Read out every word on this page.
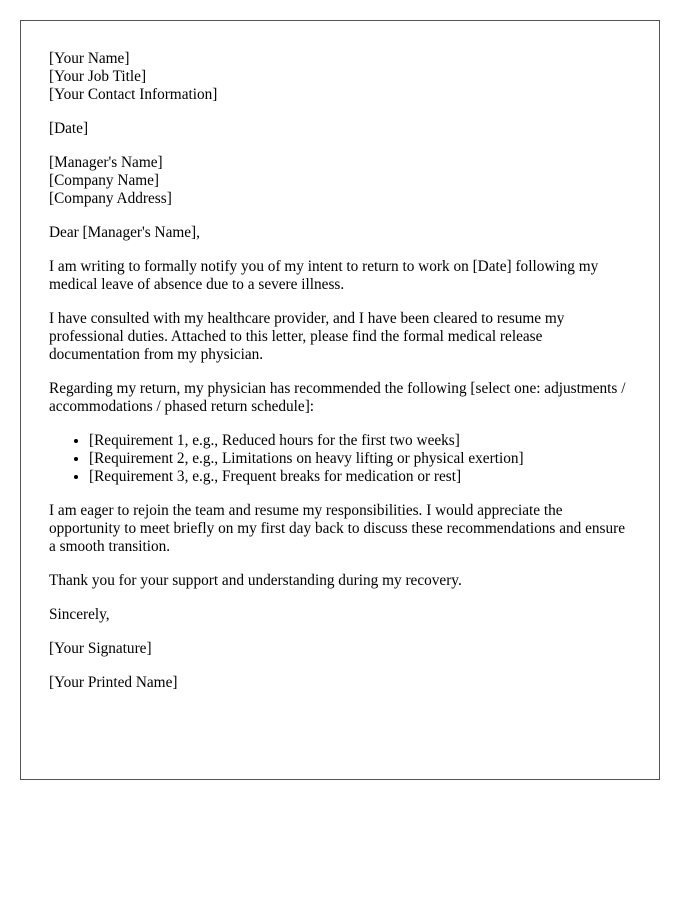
[Your Name]
[Your Job Title]
[Your Contact Information]
[Date]
[Manager's Name]
[Company Name]
[Company Address]

Dear [Manager's Name],

I am writing to formally notify you of my intent to return to work on [Date] following my medical leave of absence due to a severe illness.

I have consulted with my healthcare provider, and I have been cleared to resume my professional duties. Attached to this letter, please find the formal medical release documentation from my physician.

Regarding my return, my physician has recommended the following [select one: adjustments / accommodations / phased return schedule]:

• [Requirement 1, e.g., Reduced hours for the first two weeks]
• [Requirement 2, e.g., Limitations on heavy lifting or physical exertion]
• [Requirement 3, e.g., Frequent breaks for medication or rest]

I am eager to rejoin the team and resume my responsibilities. I would appreciate the opportunity to meet briefly on my first day back to discuss these recommendations and ensure a smooth transition.

Thank you for your support and understanding during my recovery.

Sincerely,

[Your Signature]

[Your Printed Name]
